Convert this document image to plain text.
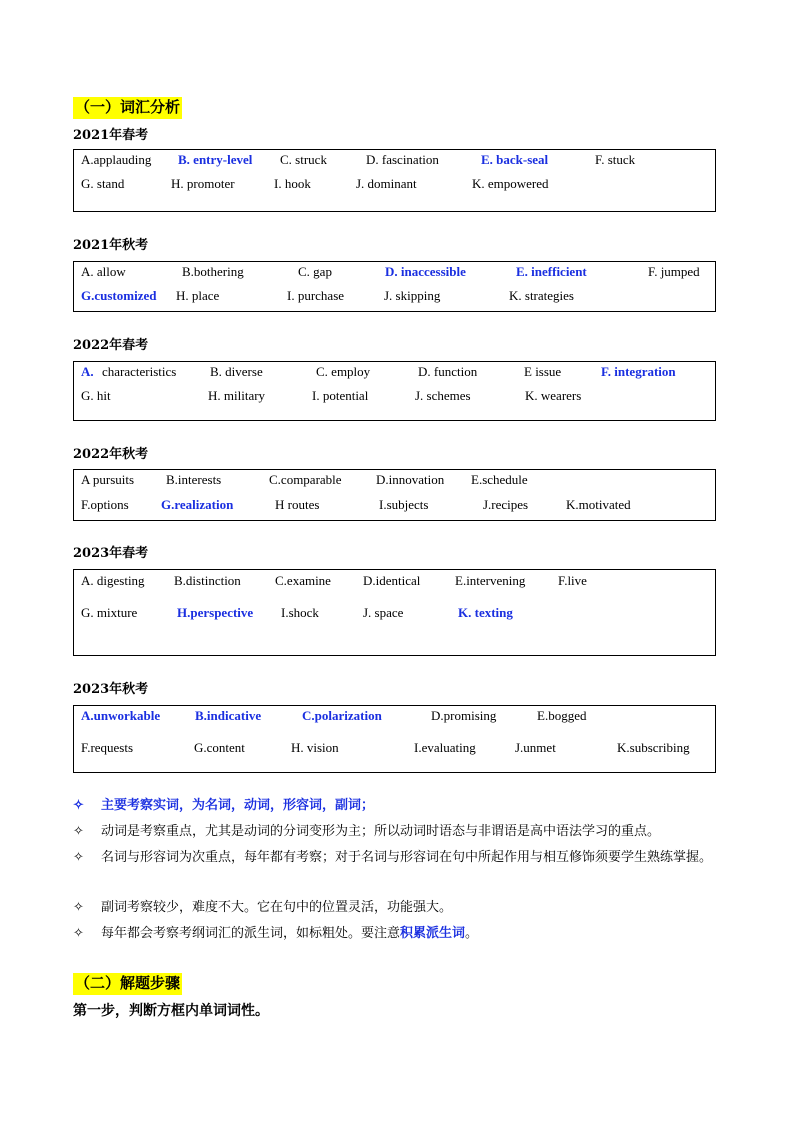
（一）词汇分析
2021年春考
A.applauding B. entry-level C. struck	D. fascination	E. back-seal	F. stuck
G. stand	H. promoter	I. hook	J. dominant	K. empowered
2021年秋考
A. allow	B.bothering	C. gap	D. inaccessible	E. inefficient	F. jumped
G.customized H. place	I. purchase	J. skipping	K. strategies
2022年春考
A. characteristics	B. diverse	C. employ	D. function	E issue	F. integration
G. hit	H. military	I. potential	J. schemes	K. wearers
2022年秋考
A pursuits B.interests	C.comparable	D.innovation E.schedule
F.options G.realization	H routes	I.subjects	J.recipes	K.motivated
2023年春考
A. digesting B.distinction	C.examine D.identical	E.intervening	F.live
G. mixture	H.perspective I.shock	J. space	K. texting
2023年秋考
A.unworkable	B.indicative	C.polarization	D.promising	E.bogged
F.requests	G.content	H. vision	I.evaluating	J.unmet	K.subscribing
✧	主要考察实词，为名词，动词，形容词，副词；
✧	动词是考察重点，尤其是动词的分词变形为主；所以动词时语态与非谓语是高中语法学习的重点。
✧	名词与形容词为次重点，每年都有考察；对于名词与形容词在句中所起作用与相互修饰须要学生熟练掌握。
✧	副词考察较少，难度不大。它在句中的位置灵活，功能强大。
✧	每年都会考察考纲词汇的派生词，如标粗处。要注意积累派生词。
（二）解题步骤
第一步，判断方框内单词词性。
